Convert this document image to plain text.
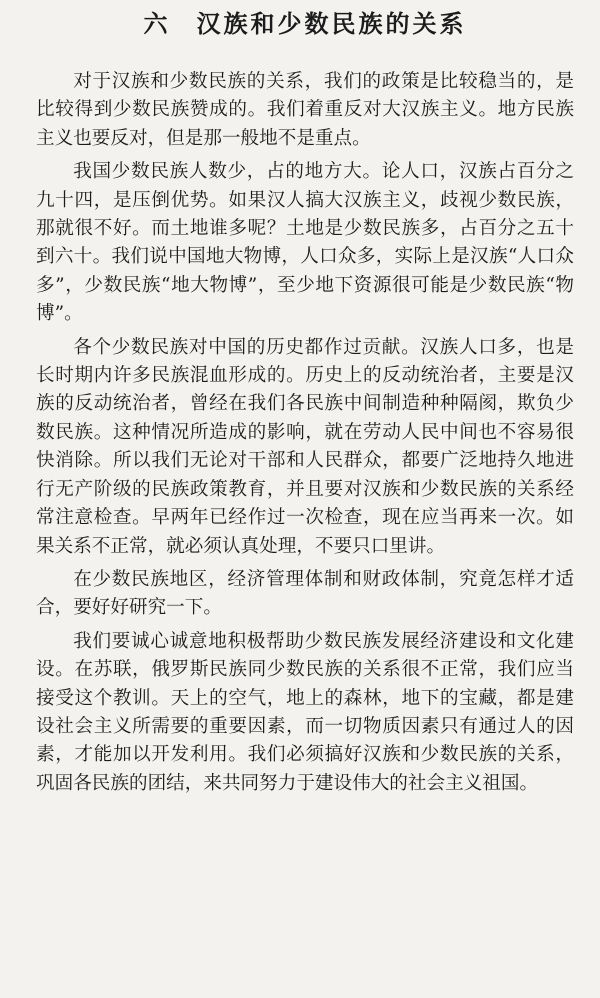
六 汉族和少数民族的关系

对于汉族和少数民族的关系，我们的政策是比较稳当的，是比较得到少数民族赞成的。我们着重反对大汉族主义。地方民族主义也要反对，但是那一般地不是重点。

我国少数民族人数少，占的地方大。论人口，汉族占百分之九十四，是压倒优势。如果汉人搞大汉族主义，歧视少数民族，那就很不好。而土地谁多呢？土地是少数民族多，占百分之五十到六十。我们说中国地大物博，人口众多，实际上是汉族“人口众多”，少数民族“地大物博”，至少地下资源很可能是少数民族“物博”。

各个少数民族对中国的历史都作过贡献。汉族人口多，也是长时期内许多民族混血形成的。历史上的反动统治者，主要是汉族的反动统治者，曾经在我们各民族中间制造种种隔阂，欺负少数民族。这种情况所造成的影响，就在劳动人民中间也不容易很快消除。所以我们无论对干部和人民群众，都要广泛地持久地进行无产阶级的民族政策教育，并且要对汉族和少数民族的关系经常注意检查。早两年已经作过一次检查，现在应当再来一次。如果关系不正常，就必须认真处理，不要只口里讲。

在少数民族地区，经济管理体制和财政体制，究竟怎样才适合，要好好研究一下。

我们要诚心诚意地积极帮助少数民族发展经济建设和文化建设。在苏联，俄罗斯民族同少数民族的关系很不正常，我们应当接受这个教训。天上的空气，地上的森林，地下的宝藏，都是建设社会主义所需要的重要因素，而一切物质因素只有通过人的因素，才能加以开发利用。我们必须搞好汉族和少数民族的关系，巩固各民族的团结，来共同努力于建设伟大的社会主义祖国。
